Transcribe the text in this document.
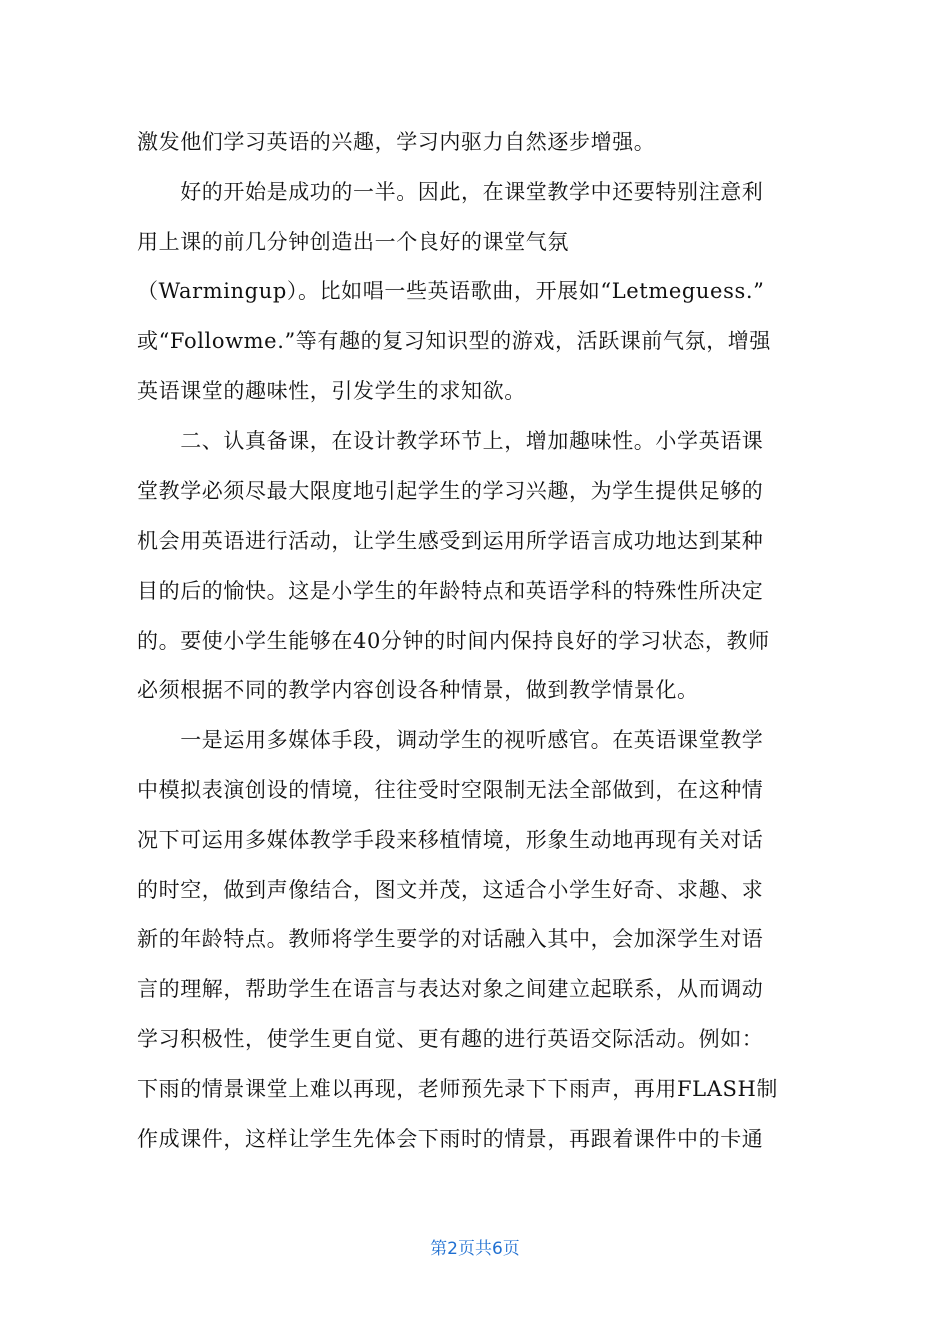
激发他们学习英语的兴趣，学习内驱力自然逐步增强。
　　好的开始是成功的一半。因此，在课堂教学中还要特别注意利
用上课的前几分钟创造出一个良好的课堂气氛
（Warmingup）。比如唱一些英语歌曲，开展如“Letmeguess.”
或“Followme.”等有趣的复习知识型的游戏，活跃课前气氛，增强
英语课堂的趣味性，引发学生的求知欲。
　　二、认真备课，在设计教学环节上，增加趣味性。小学英语课
堂教学必须尽最大限度地引起学生的学习兴趣，为学生提供足够的
机会用英语进行活动，让学生感受到运用所学语言成功地达到某种
目的后的愉快。这是小学生的年龄特点和英语学科的特殊性所决定
的。要使小学生能够在40分钟的时间内保持良好的学习状态，教师
必须根据不同的教学内容创设各种情景，做到教学情景化。
　　一是运用多媒体手段，调动学生的视听感官。在英语课堂教学
中模拟表演创设的情境，往往受时空限制无法全部做到，在这种情
况下可运用多媒体教学手段来移植情境，形象生动地再现有关对话
的时空，做到声像结合，图文并茂，这适合小学生好奇、求趣、求
新的年龄特点。教师将学生要学的对话融入其中，会加深学生对语
言的理解，帮助学生在语言与表达对象之间建立起联系，从而调动
学习积极性，使学生更自觉、更有趣的进行英语交际活动。例如：
下雨的情景课堂上难以再现，老师预先录下下雨声，再用FLASH制
作成课件，这样让学生先体会下雨时的情景，再跟着课件中的卡通
第2页共6页
